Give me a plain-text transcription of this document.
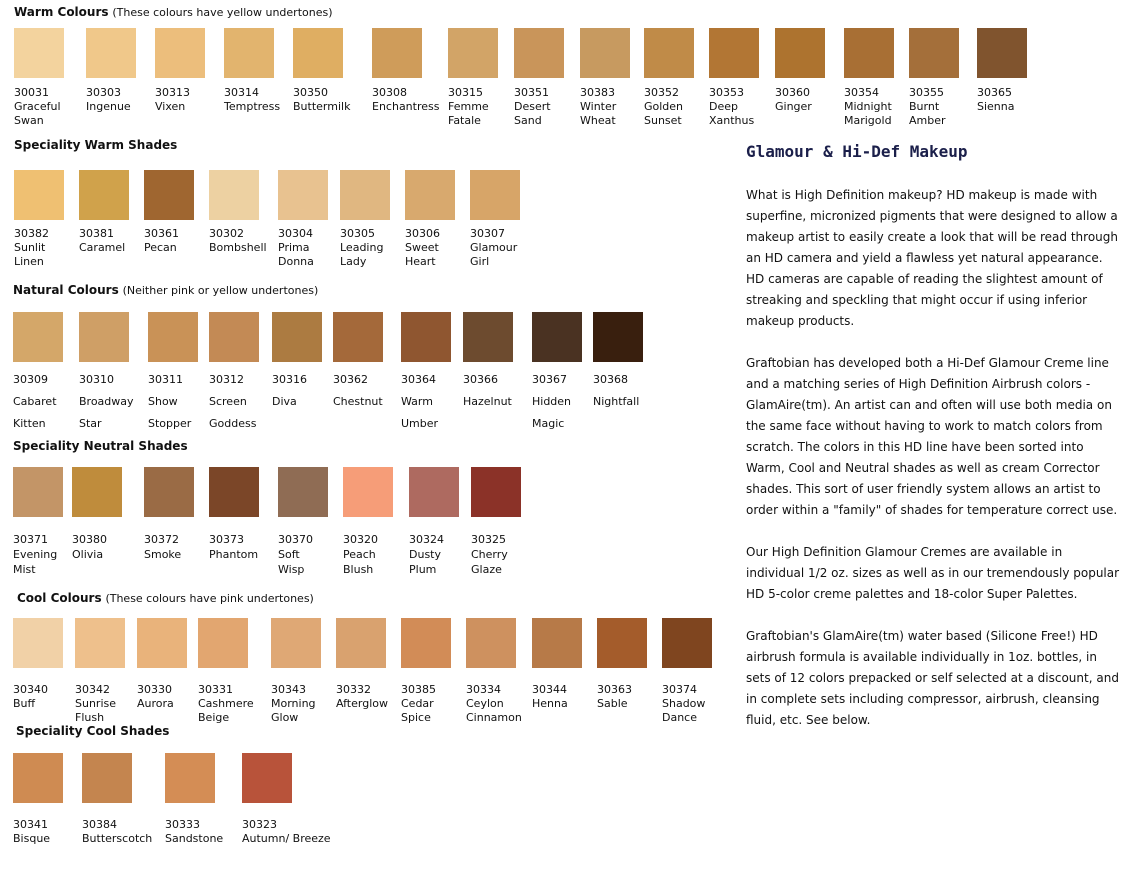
Warm Colours (These colours have yellow undertones)
Speciality Warm Shades
Natural Colours (Neither pink or yellow undertones)
Speciality Neutral Shades
Cool Colours (These colours have pink undertones)
Speciality Cool Shades
30031
Graceful
Swan
30303
Ingenue
30313
Vixen
30314
Temptress
30350
Buttermilk
30308
Enchantress
30315
Femme
Fatale
30351
Desert
Sand
30383
Winter
Wheat
30352
Golden
Sunset
30353
Deep
Xanthus
30360
Ginger
30354
Midnight
Marigold
30355
Burnt
Amber
30365
Sienna
30382
Sunlit
Linen
30381
Caramel
30361
Pecan
30302
Bombshell
30304
Prima
Donna
30305
Leading
Lady
30306
Sweet
Heart
30307
Glamour
Girl
30309
Cabaret
Kitten
30310
Broadway
Star
30311
Show
Stopper
30312
Screen
Goddess
30316
Diva
30362
Chestnut
30364
Warm
Umber
30366
Hazelnut
30367
Hidden
Magic
30368
Nightfall
30371
Evening
Mist
30380
Olivia
30372
Smoke
30373
Phantom
30370
Soft
Wisp
30320
Peach
Blush
30324
Dusty
Plum
30325
Cherry
Glaze
30340
Buff
30342
Sunrise
Flush
30330
Aurora
30331
Cashmere
Beige
30343
Morning
Glow
30332
Afterglow
30385
Cedar
Spice
30334
Ceylon
Cinnamon
30344
Henna
30363
Sable
30374
Shadow
Dance
30341
Bisque
30384
Butterscotch
30333
Sandstone
30323
Autumn/ Breeze
Glamour & Hi-Def Makeup

What is High Definition makeup? HD makeup is made with superfine, micronized pigments that were designed to allow a makeup artist to easily create a look that will be read through an HD camera and yield a flawless yet natural appearance. HD cameras are capable of reading the slightest amount of streaking and speckling that might occur if using inferior makeup products.

Graftobian has developed both a Hi-Def Glamour Creme line and a matching series of High Definition Airbrush colors - GlamAire(tm). An artist can and often will use both media on the same face without having to work to match colors from scratch. The colors in this HD line have been sorted into Warm, Cool and Neutral shades as well as cream Corrector shades. This sort of user friendly system allows an artist to order within a "family" of shades for temperature correct use.

Our High Definition Glamour Cremes are available in individual 1/2 oz. sizes as well as in our tremendously popular HD 5-color creme palettes and 18-color Super Palettes.

Graftobian's GlamAire(tm) water based (Silicone Free!) HD airbrush formula is available individually in 1oz. bottles, in sets of 12 colors prepacked or self selected at a discount, and in complete sets including compressor, airbrush, cleansing fluid, etc. See below.
